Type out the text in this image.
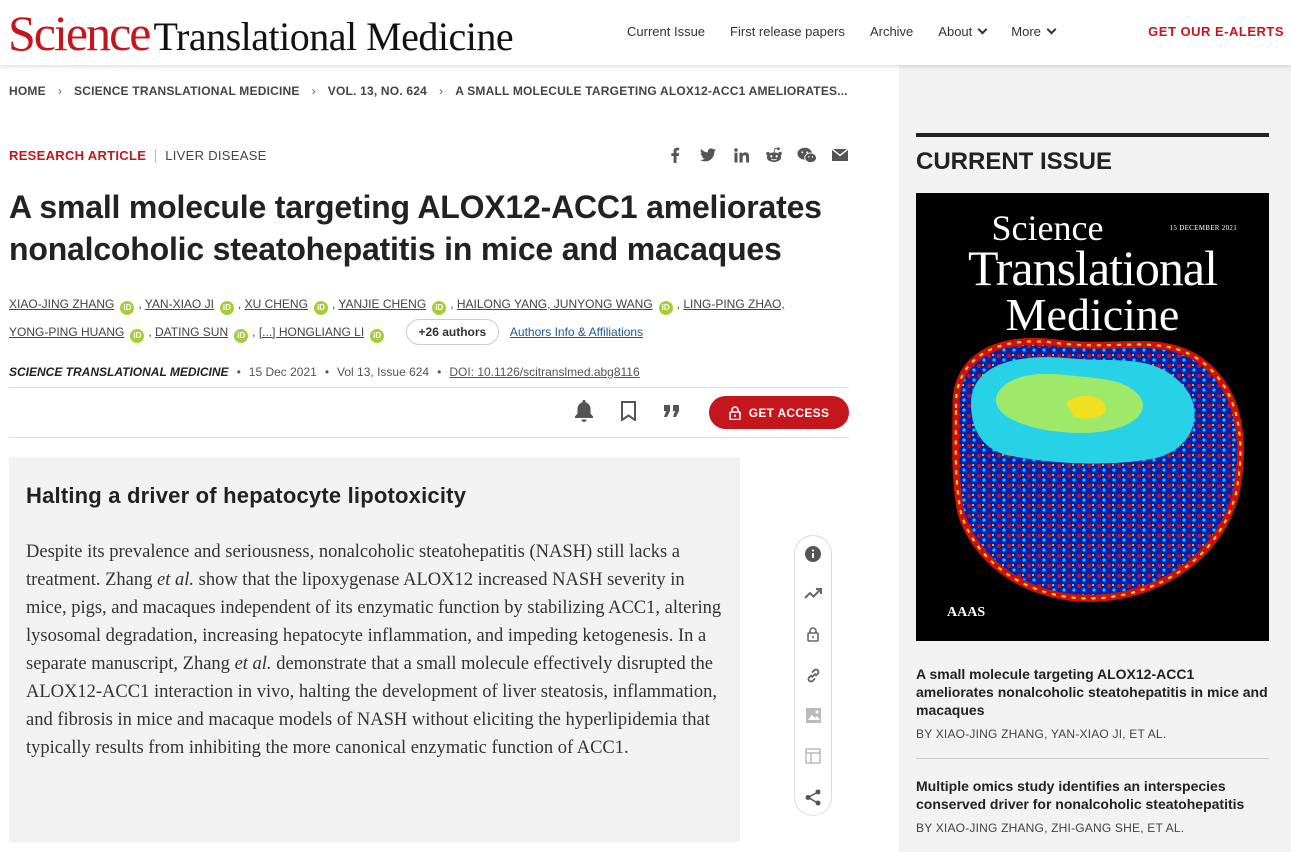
Science Translational Medicine	Current Issue First release papers Archive About	More	GET OUR E-ALERTS
HOME › SCIENCE TRANSLATIONAL MEDICINE › VOL. 13, NO. 624 › A SMALL MOLECULE TARGETING ALOX12-ACC1 AMELIORATES...
RESEARCH ARTICLE LIVER DISEASE
A small molecule targeting ALOX12-ACC1 ameliorates nonalcoholic steatohepatitis in mice and macaques
XIAO-JING ZHANG iD , YAN-XIAO JI iD , XU CHENG iD , YANJIE CHENG iD , HAILONG YANG, JUNYONG WANG iD , LING-PING ZHAO,
YONG-PING HUANG iD , DATING SUN iD , [...] HONGLIANG LI iD	+26 authors Authors Info & Affiliations
SCIENCE TRANSLATIONAL MEDICINE • 15 Dec 2021 • Vol 13, Issue 624 • DOI: 10.1126/scitranslmed.abg8116
GET ACCESS
Halting a driver of hepatocyte lipotoxicity

Despite its prevalence and seriousness, nonalcoholic steatohepatitis (NASH) still lacks a treatment. Zhang et al. show that the lipoxygenase ALOX12 increased NASH severity in mice, pigs, and macaques independent of its enzymatic function by stabilizing ACC1, altering lysosomal degradation, increasing hepatocyte inflammation, and impeding ketogenesis. In a separate manuscript, Zhang et al. demonstrate that a small molecule effectively disrupted the ALOX12-ACC1 interaction in vivo, halting the development of liver steatosis, inflammation, and fibrosis in mice and macaque models of NASH without eliciting the hyperlipidemia that typically results from inhibiting the more canonical enzymatic function of ACC1.

CURRENT ISSUE
15 DECEMBER 2021
Science
Translational
Medicine
AAAS
A small molecule targeting ALOX12-ACC1 ameliorates nonalcoholic steatohepatitis in mice and macaques
BY XIAO-JING ZHANG, YAN-XIAO JI, ET AL.
Multiple omics study identifies an interspecies conserved driver for nonalcoholic steatohepatitis
BY XIAO-JING ZHANG, ZHI-GANG SHE, ET AL.
